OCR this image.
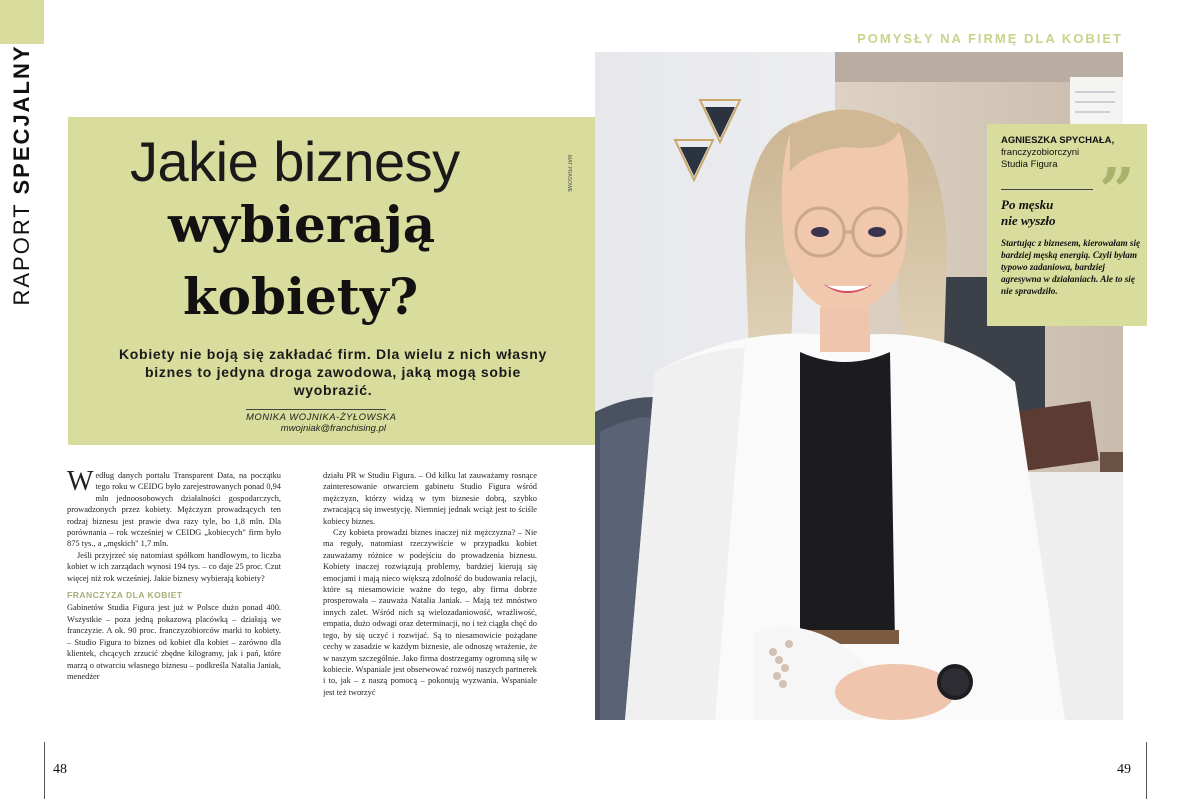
RAPORT SPECJALNY
POMYSŁY NA FIRMĘ DLA KOBIET
Jakie biznesy
wybierają
kobiety?
Kobiety nie boją się zakładać firm. Dla wielu z nich własny biznes to jedyna droga zawodowa, jaką mogą sobie wyobrazić.
MONIKA WOJNIKA-ŻYŁOWSKA
mwojniak@franchising.pl
MAT PRASOWE

Według danych portalu Transparent Data, na początku tego roku w CEIDG było zarejestrowanych ponad 0,94 mln jednoosobowych działalności gospodarczych, prowadzonych przez kobiety. Mężczyzn prowadzących ten rodzaj biznesu jest prawie dwa razy tyle, bo 1,8 mln. Dla porównania – rok wcześniej w CEIDG „kobiecych" firm było 875 tys., a „męskich" 1,7 mln.

Jeśli przyjrzeć się natomiast spółkom handlowym, to liczba kobiet w ich zarządach wynosi 194 tys. – co daje 25 proc. Czut więcej niż rok wcześniej. Jakie biznesy wybierają kobiety?

FRANCZYZA DLA KOBIET

Gabinetów Studia Figura jest już w Polsce dużo ponad 400. Wszystkie – poza jedną pokazową placówką – działają we franczyzie. A ok. 90 proc. franczyzobiorców marki to kobiety. – Studio Figura to biznes od kobiet dla kobiet – zarówno dla klientek, chcących zrzucić zbędne kilogramy, jak i pań, które marzą o otwarciu własnego biznesu – podkreśla Natalia Janiak, menedżer

działu PR w Studiu Figura. – Od kilku lat zauważamy rosnące zainteresowanie otwarciem gabinetu Studio Figura wśród mężczyzn, którzy widzą w tym biznesie dobrą, szybko zwracającą się inwestycję. Niemniej jednak wciąż jest to ściśle kobiecy biznes.

Czy kobieta prowadzi biznes inaczej niż mężczyzna? – Nie ma reguły, natomiast rzeczywiście w przypadku kobiet zauważamy różnice w podejściu do prowadzenia biznesu. Kobiety inaczej rozwiązują problemy, bardziej kierują się emocjami i mają nieco większą zdolność do budowania relacji, które są niesamowicie ważne do tego, aby firma dobrze prosperowała – zauważa Natalia Janiak. – Mają też mnóstwo innych zalet. Wśród nich są wielozadaniowość, wrażliwość, empatia, dużo odwagi oraz determinacji, no i też ciągła chęć do tego, by się uczyć i rozwijać. Są to niesamowicie pożądane cechy w zasadzie w każdym biznesie, ale odnoszę wrażenie, że w naszym szczególnie. Jako firma dostrzegamy ogromną siłę w kobiecie. Wspaniale jest obserwować rozwój naszych partnerek i to, jak – z naszą pomocą – pokonują wyzwania. Wspaniale jest też tworzyć

AGNIESZKA SPYCHAŁA,
franczyzobiorczyni
Studia Figura ”
Po męsku
nie wyszło
Startując z biznesem, kierowałam się bardziej męską energią. Czyli byłam typowo zadaniowa, bardziej agresywna w działaniach. Ale to się nie sprawdziło.
48	49
